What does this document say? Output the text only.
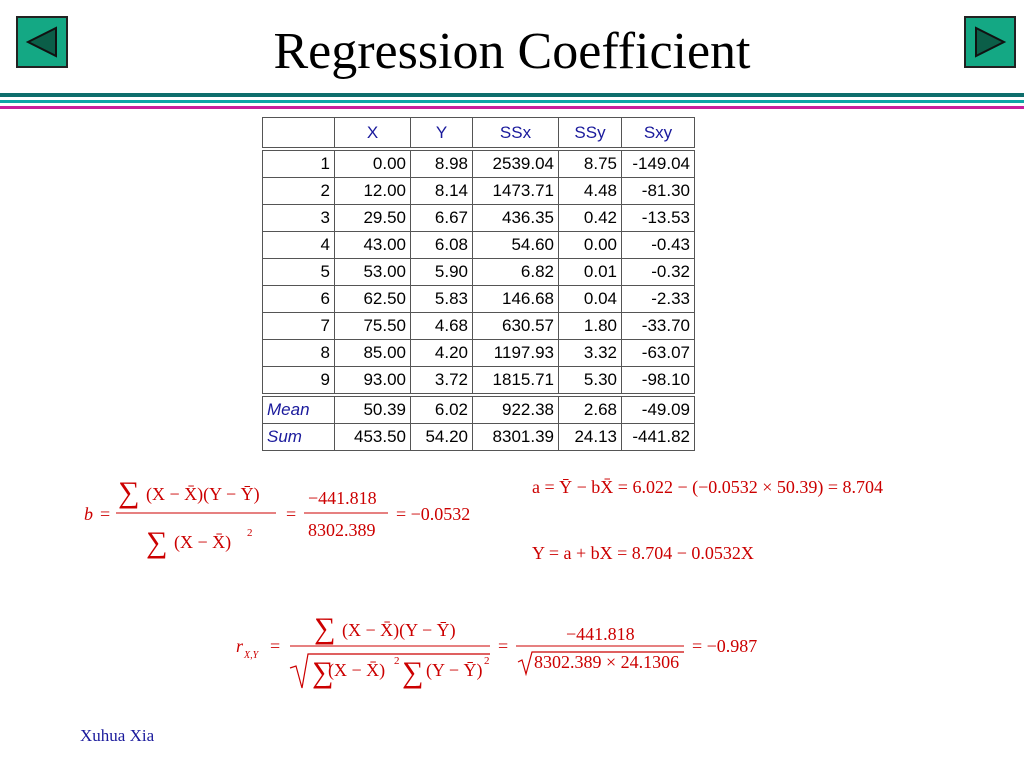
Regression Coefficient
	X	Y	SSx	SSy	Sxy
1	0.00	8.98	2539.04	8.75	-149.04
2	12.00	8.14	1473.71	4.48	-81.30
3	29.50	6.67	436.35	0.42	-13.53
4	43.00	6.08	54.60	0.00	-0.43
5	53.00	5.90	6.82	0.01	-0.32
6	62.50	5.83	146.68	0.04	-2.33
7	75.50	4.68	630.57	1.80	-33.70
8	85.00	4.20	1197.93	3.32	-63.07
9	93.00	3.72	1815.71	5.30	-98.10
Mean	50.39	6.02	922.38	2.68	-49.09
Sum	453.50	54.20	8301.39	24.13	-441.82
b =
∑ (X − X̄)(Y − Ȳ)
∑ (X − X̄) 2
=
−441.818
8302.389
= −0.0532
a = Ȳ − bX̄ = 6.022 − (−0.0532 × 50.39) = 8.704
Y = a + bX = 8.704 − 0.0532X
r X,Y =
∑ (X − X̄)(Y − Ȳ)
∑
(X − X̄) 2 ∑ (Y − Ȳ) 2
=
−441.818
8302.389 × 24.1306
= −0.987
Xuhua Xia
